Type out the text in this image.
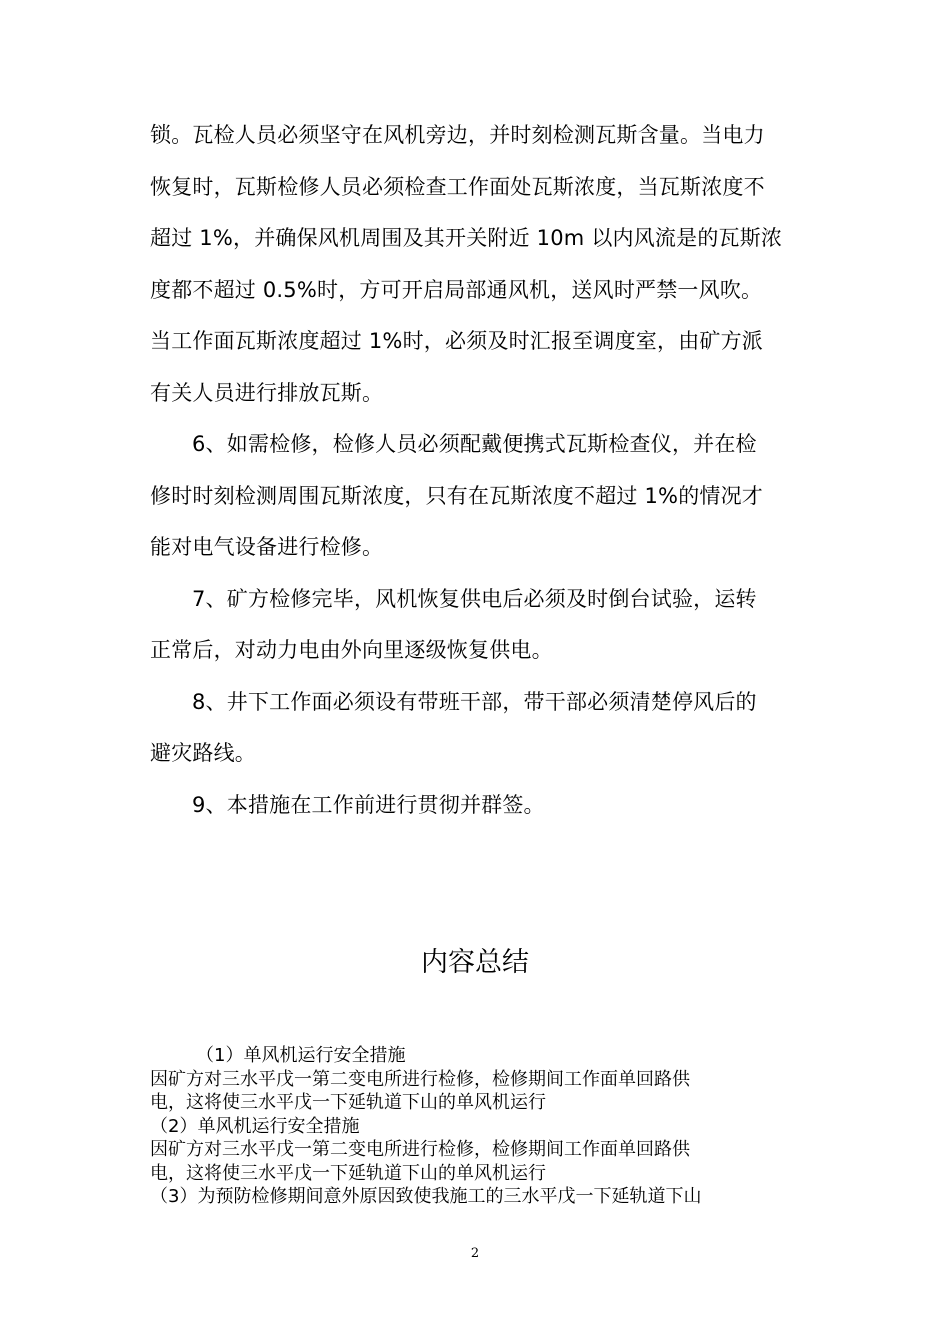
锁。瓦检人员必须坚守在风机旁边，并时刻检测瓦斯含量。当电力
恢复时，瓦斯检修人员必须检查工作面处瓦斯浓度，当瓦斯浓度不
超过 1%，并确保风机周围及其开关附近 10m 以内风流是的瓦斯浓
度都不超过 0.5%时，方可开启局部通风机，送风时严禁一风吹。
当工作面瓦斯浓度超过 1%时，必须及时汇报至调度室，由矿方派
有关人员进行排放瓦斯。
6、如需检修，检修人员必须配戴便携式瓦斯检查仪，并在检
修时时刻检测周围瓦斯浓度，只有在瓦斯浓度不超过 1%的情况才
能对电气设备进行检修。
7、矿方检修完毕，风机恢复供电后必须及时倒台试验，运转
正常后，对动力电由外向里逐级恢复供电。
8、井下工作面必须设有带班干部，带干部必须清楚停风后的
避灾路线。
9、本措施在工作前进行贯彻并群签。
内容总结
（1）单风机运行安全措施
因矿方对三水平戊一第二变电所进行检修，检修期间工作面单回路供
电，这将使三水平戊一下延轨道下山的单风机运行
（2）单风机运行安全措施
因矿方对三水平戊一第二变电所进行检修，检修期间工作面单回路供
电，这将使三水平戊一下延轨道下山的单风机运行
（3）为预防检修期间意外原因致使我施工的三水平戊一下延轨道下山
2
